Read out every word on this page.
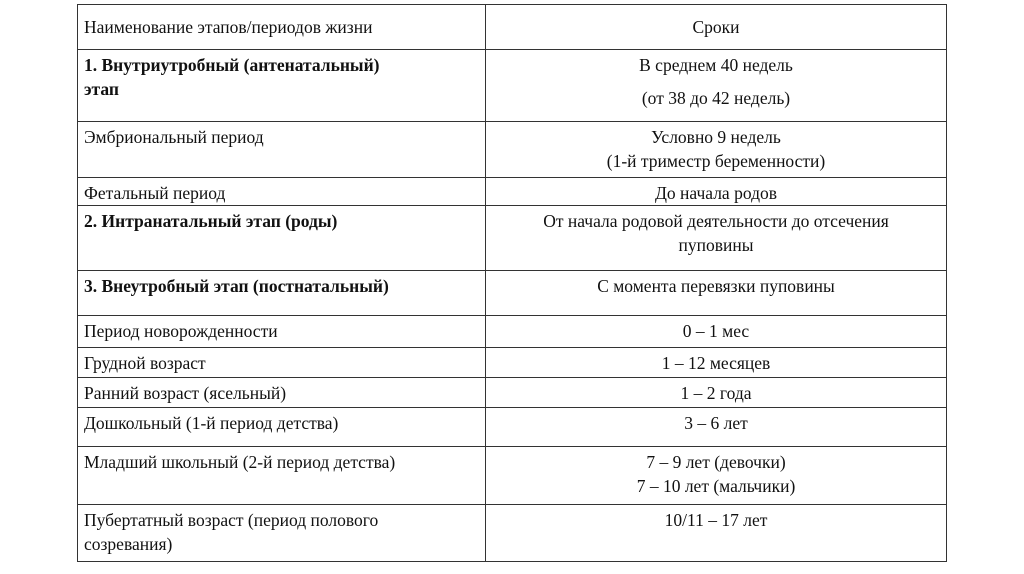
Наименование этапов/периодов жизни	Сроки

1. Внутриутробный (антенатальный)
этап	В среднем 40 недель
(от 38 до 42 недель)

Эмбриональный период	Условно 9 недель
(1-й триместр беременности)

Фетальный период	До начала родов

2. Интранатальный этап (роды)	От начала родовой деятельности до отсечения
пуповины

3. Внеутробный этап (постнатальный)	С момента перевязки пуповины

Период новорожденности	0 – 1 мес

Грудной возраст	1 – 12 месяцев

Ранний возраст (ясельный)	1 – 2 года

Дошкольный (1-й период детства)	3 – 6 лет

Младший школьный (2-й период детства)	7 – 9 лет (девочки)
7 – 10 лет (мальчики)

Пубертатный возраст (период полового
созревания)	10/11 – 17 лет
